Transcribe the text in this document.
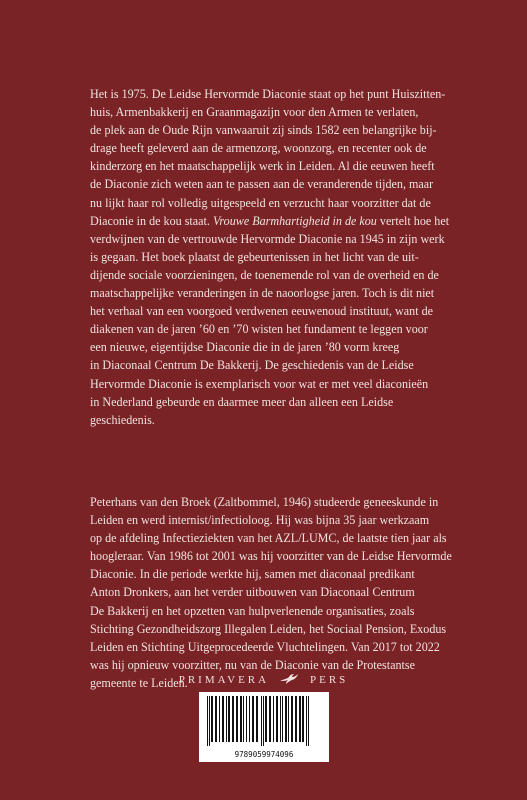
Het is 1975. De Leidse Hervormde Diaconie staat op het punt Huiszitten-
huis, Armenbakkerij en Graanmagazijn voor den Armen te verlaten,
de plek aan de Oude Rijn vanwaaruit zij sinds 1582 een belangrijke bij-
drage heeft geleverd aan de armenzorg, woonzorg, en recenter ook de
kinderzorg en het maatschappelijk werk in Leiden. Al die eeuwen heeft
de Diaconie zich weten aan te passen aan de veranderende tijden, maar
nu lijkt haar rol volledig uitgespeeld en verzucht haar voorzitter dat de
Diaconie in de kou staat. Vrouwe Barmhartigheid in de kou vertelt hoe het
verdwijnen van de vertrouwde Hervormde Diaconie na 1945 in zijn werk
is gegaan. Het boek plaatst de gebeurtenissen in het licht van de uit-
dijende sociale voorzieningen, de toenemende rol van de overheid en de
maatschappelijke veranderingen in de naoorlogse jaren. Toch is dit niet
het verhaal van een voorgoed verdwenen eeuwenoud instituut, want de
diakenen van de jaren ’60 en ’70 wisten het fundament te leggen voor
een nieuwe, eigentijdse Diaconie die in de jaren ’80 vorm kreeg
in Diaconaal Centrum De Bakkerij. De geschiedenis van de Leidse
Hervormde Diaconie is exemplarisch voor wat er met veel diaconieën
in Nederland gebeurde en daarmee meer dan alleen een Leidse
geschiedenis.

Peterhans van den Broek (Zaltbommel, 1946) studeerde geneeskunde in
Leiden en werd internist/infectioloog. Hij was bijna 35 jaar werkzaam
op de afdeling Infectieziekten van het AZL/LUMC, de laatste tien jaar als
hoogleraar. Van 1986 tot 2001 was hij voorzitter van de Leidse Hervormde
Diaconie. In die periode werkte hij, samen met diaconaal predikant
Anton Dronkers, aan het verder uitbouwen van Diaconaal Centrum
De Bakkerij en het opzetten van hulpverlenende organisaties, zoals
Stichting Gezondheidszorg Illegalen Leiden, het Sociaal Pension, Exodus
Leiden en Stichting Uitgeprocedeerde Vluchtelingen. Van 2017 tot 2022
was hij opnieuw voorzitter, nu van de Diaconie van de Protestantse
gemeente te Leiden.

PRIMAVERA	PERS
9789059974096
